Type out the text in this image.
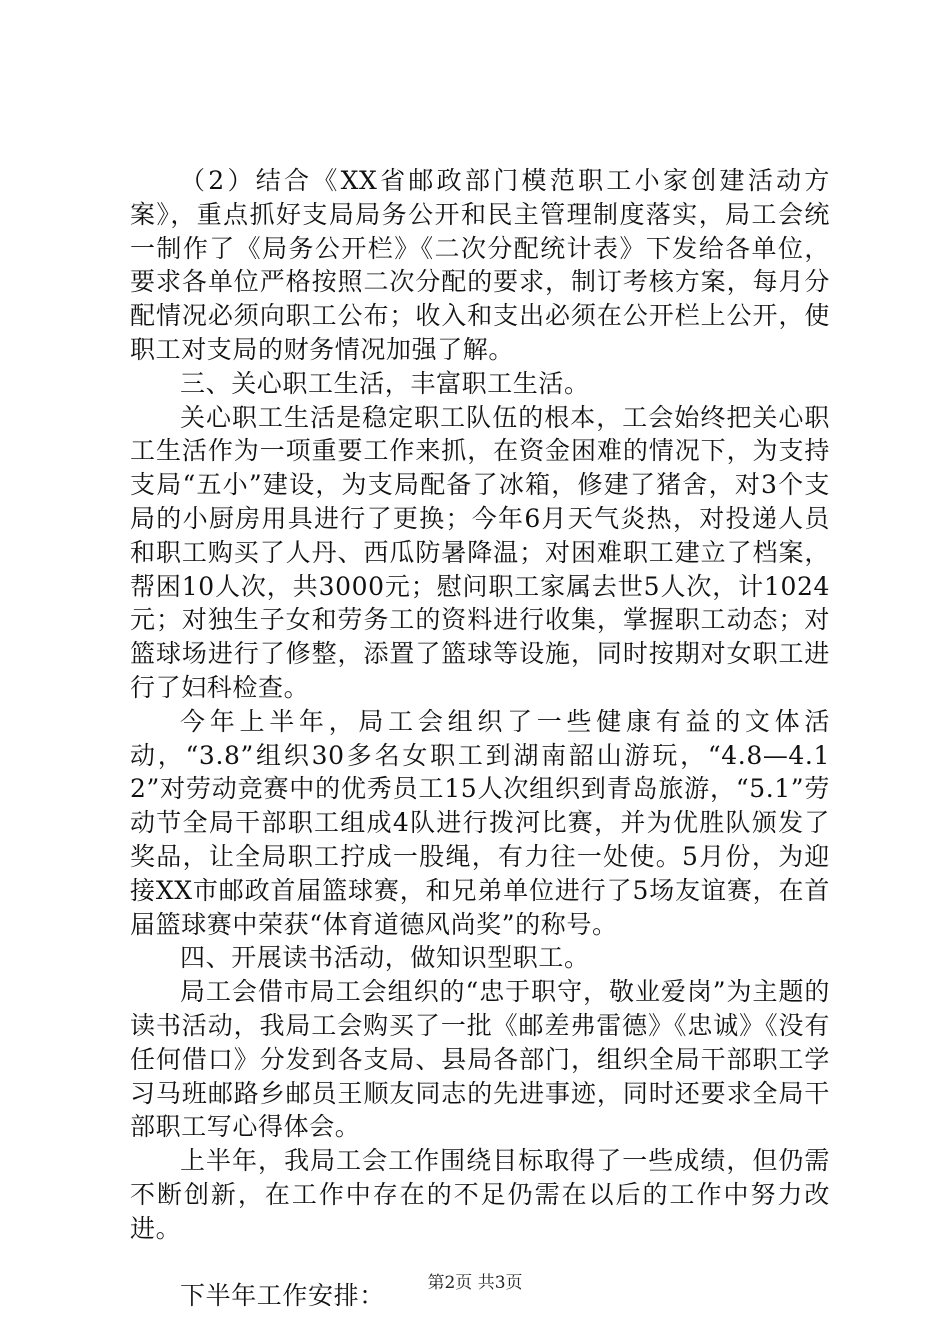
（2）结合《XX省邮政部门模范职工小家创建活动方案》，重点抓好支局局务公开和民主管理制度落实，局工会统一制作了《局务公开栏》《二次分配统计表》下发给各单位，要求各单位严格按照二次分配的要求，制订考核方案，每月分配情况必须向职工公布；收入和支出必须在公开栏上公开，使职工对支局的财务情况加强了解。

三、关心职工生活，丰富职工生活。

关心职工生活是稳定职工队伍的根本，工会始终把关心职工生活作为一项重要工作来抓，在资金困难的情况下，为支持支局“五小”建设，为支局配备了冰箱，修建了猪舍，对3个支局的小厨房用具进行了更换；今年6月天气炎热，对投递人员和职工购买了人丹、西瓜防暑降温；对困难职工建立了档案，帮困10人次，共3000元；慰问职工家属去世5人次，计1024元；对独生子女和劳务工的资料进行收集，掌握职工动态；对篮球场进行了修整，添置了篮球等设施，同时按期对女职工进行了妇科检查。

今年上半年，局工会组织了一些健康有益的文体活动，“3.8”组织30多名女职工到湖南韶山游玩，“4.8—4.12”对劳动竞赛中的优秀员工15人次组织到青岛旅游，“5.1”劳动节全局干部职工组成4队进行拨河比赛，并为优胜队颁发了奖品，让全局职工拧成一股绳，有力往一处使。5月份，为迎接XX市邮政首届篮球赛，和兄弟单位进行了5场友谊赛，在首届篮球赛中荣获“体育道德风尚奖”的称号。

四、开展读书活动，做知识型职工。

局工会借市局工会组织的“忠于职守，敬业爱岗”为主题的读书活动，我局工会购买了一批《邮差弗雷德》《忠诚》《没有任何借口》分发到各支局、县局各部门，组织全局干部职工学习马班邮路乡邮员王顺友同志的先进事迹，同时还要求全局干部职工写心得体会。

上半年，我局工会工作围绕目标取得了一些成绩，但仍需不断创新，在工作中存在的不足仍需在以后的工作中努力改进。

下半年工作安排：	第2页 共3页
